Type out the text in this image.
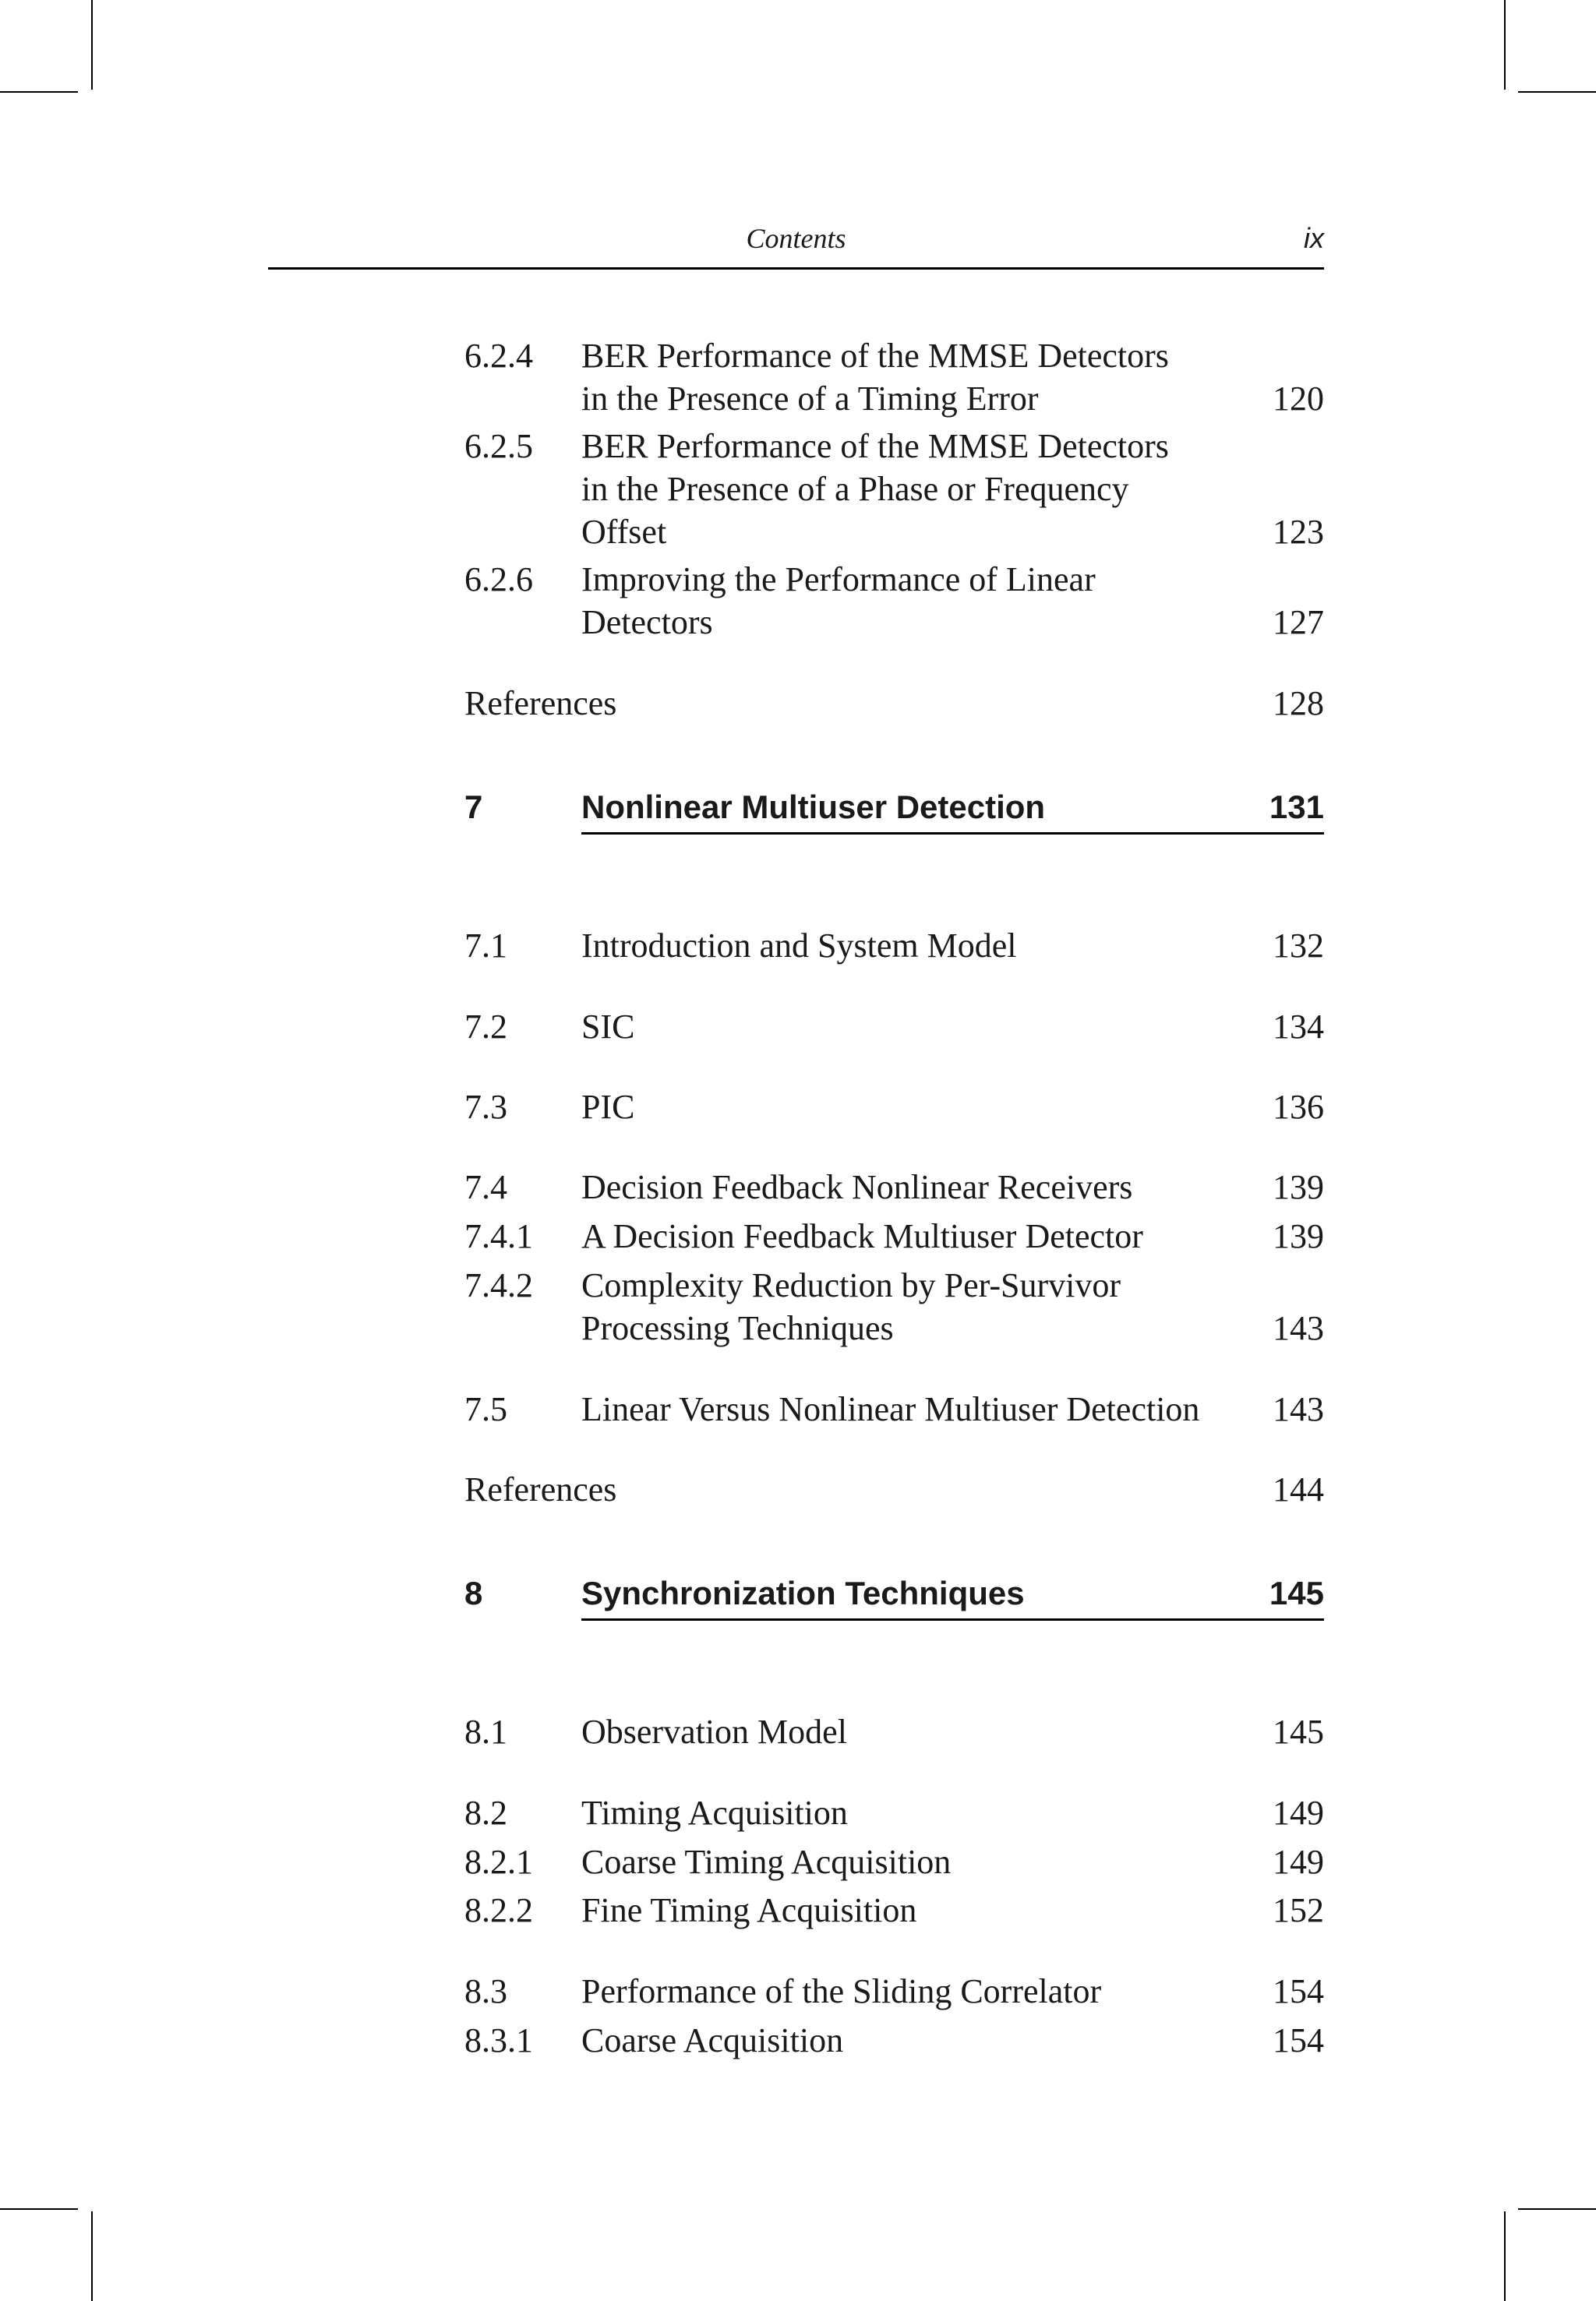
Contents	ix
6.2.4 BER Performance of the MMSE Detectors
in the Presence of a Timing Error	120
6.2.5 BER Performance of the MMSE Detectors
in the Presence of a Phase or Frequency
Offset	123
6.2.6 Improving the Performance of Linear
Detectors	127
References	128
7	Nonlinear Multiuser Detection	131
7.1 Introduction and System Model	132
7.2 SIC	134
7.3 PIC	136
7.4 Decision Feedback Nonlinear Receivers	139
7.4.1 A Decision Feedback Multiuser Detector	139
7.4.2 Complexity Reduction by Per-Survivor
Processing Techniques	143
7.5 Linear Versus Nonlinear Multiuser Detection 143
References	144
8	Synchronization Techniques	145
8.1 Observation Model	145
8.2 Timing Acquisition	149
8.2.1 Coarse Timing Acquisition	149
8.2.2 Fine Timing Acquisition	152
8.3 Performance of the Sliding Correlator	154
8.3.1 Coarse Acquisition	154
